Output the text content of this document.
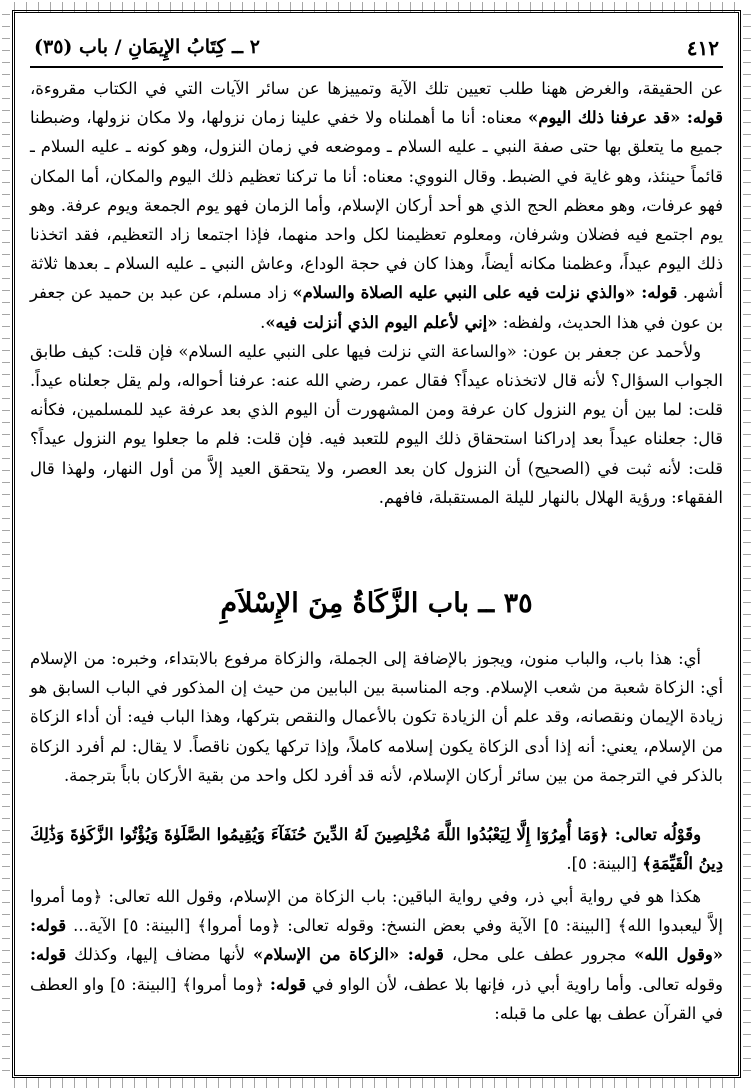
٤١٢
٢ ــ كِتَابُ الإِيمَانِ / باب (٣٥)

عن الحقيقة، والغرض ههنا طلب تعيين تلك الآية وتمييزها عن سائر الآيات التي في الكتاب مقروءة، قوله: «قد عرفنا ذلك اليوم» معناه: أنا ما أهملناه ولا خفي علينا زمان نزولها، ولا مكان نزولها، وضبطنا جميع ما يتعلق بها حتى صفة النبي ـ عليه السلام ـ وموضعه في زمان النزول، وهو كونه ـ عليه السلام ـ قائماً حينئذ، وهو غاية في الضبط. وقال النووي: معناه: أنا ما تركنا تعظيم ذلك اليوم والمكان، أما المكان فهو عرفات، وهو معظم الحج الذي هو أحد أركان الإسلام، وأما الزمان فهو يوم الجمعة ويوم عرفة. وهو يوم اجتمع فيه فضلان وشرفان، ومعلوم تعظيمنا لكل واحد منهما، فإذا اجتمعا زاد التعظيم، فقد اتخذنا ذلك اليوم عيداً، وعظمنا مكانه أيضاً، وهذا كان في حجة الوداع، وعاش النبي ـ عليه السلام ـ بعدها ثلاثة أشهر. قوله: «والذي نزلت فيه على النبي عليه الصلاة والسلام» زاد مسلم، عن عبد بن حميد عن جعفر بن عون في هذا الحديث، ولفظه: «إني لأعلم اليوم الذي أنزلت فيه».

ولأحمد عن جعفر بن عون: «والساعة التي نزلت فيها على النبي عليه السلام» فإن قلت: كيف طابق الجواب السؤال؟ لأنه قال لاتخذناه عيداً؟ فقال عمر، رضي الله عنه: عرفنا أحواله، ولم يقل جعلناه عيداً. قلت: لما بين أن يوم النزول كان عرفة ومن المشهورت أن اليوم الذي بعد عرفة عيد للمسلمين، فكأنه قال: جعلناه عيداً بعد إدراكنا استحقاق ذلك اليوم للتعبد فيه. فإن قلت: فلم ما جعلوا يوم النزول عيداً؟ قلت: لأنه ثبت في (الصحيح) أن النزول كان بعد العصر، ولا يتحقق العيد إلاَّ من أول النهار، ولهذا قال الفقهاء: ورؤية الهلال بالنهار لليلة المستقبلة، فافهم.

٣٥ ــ باب الزَّكَاةُ مِنَ الإِسْلاَمِ

أي: هذا باب، والباب منون، ويجوز بالإضافة إلى الجملة، والزكاة مرفوع بالابتداء، وخبره: من الإسلام أي: الزكاة شعبة من شعب الإسلام. وجه المناسبة بين البابين من حيث إن المذكور في الباب السابق هو زيادة الإيمان ونقصانه، وقد علم أن الزيادة تكون بالأعمال والنقص بتركها، وهذا الباب فيه: أن أداء الزكاة من الإسلام، يعني: أنه إذا أدى الزكاة يكون إسلامه كاملاً، وإذا تركها يكون ناقصاً. لا يقال: لم أفرد الزكاة بالذكر في الترجمة من بين سائر أركان الإسلام، لأنه قد أفرد لكل واحد من بقية الأركان باباً بترجمة.

وقَوْلُه تعالى: ﴿وَمَا أُمِرُوٓا إِلَّا لِيَعْبُدُوا اللَّهَ مُخْلِصِينَ لَهُ الدِّينَ حُنَفَآءَ وَيُقِيمُوا الصَّلَوٰةَ وَيُؤْتُوا الزَّكَوٰةَ وَذَٰلِكَ دِينُ الْقَيِّمَةِ﴾ [البينة: ٥].

هكذا هو في رواية أبي ذر، وفي رواية الباقين: باب الزكاة من الإسلام، وقول الله تعالى: ﴿وما أمروا إلاَّ ليعبدوا الله﴾ [البينة: ٥] الآية وفي بعض النسخ: وقوله تعالى: ﴿وما أمروا﴾ [البينة: ٥] الآية... قوله: «وقول الله» مجرور عطف على محل، قوله: «الزكاة من الإسلام» لأنها مضاف إليها، وكذلك قوله: وقوله تعالى. وأما راوية أبي ذر، فإنها بلا عطف، لأن الواو في قوله: ﴿وما أمروا﴾ [البينة: ٥] واو العطف في القرآن عطف بها على ما قبله:
